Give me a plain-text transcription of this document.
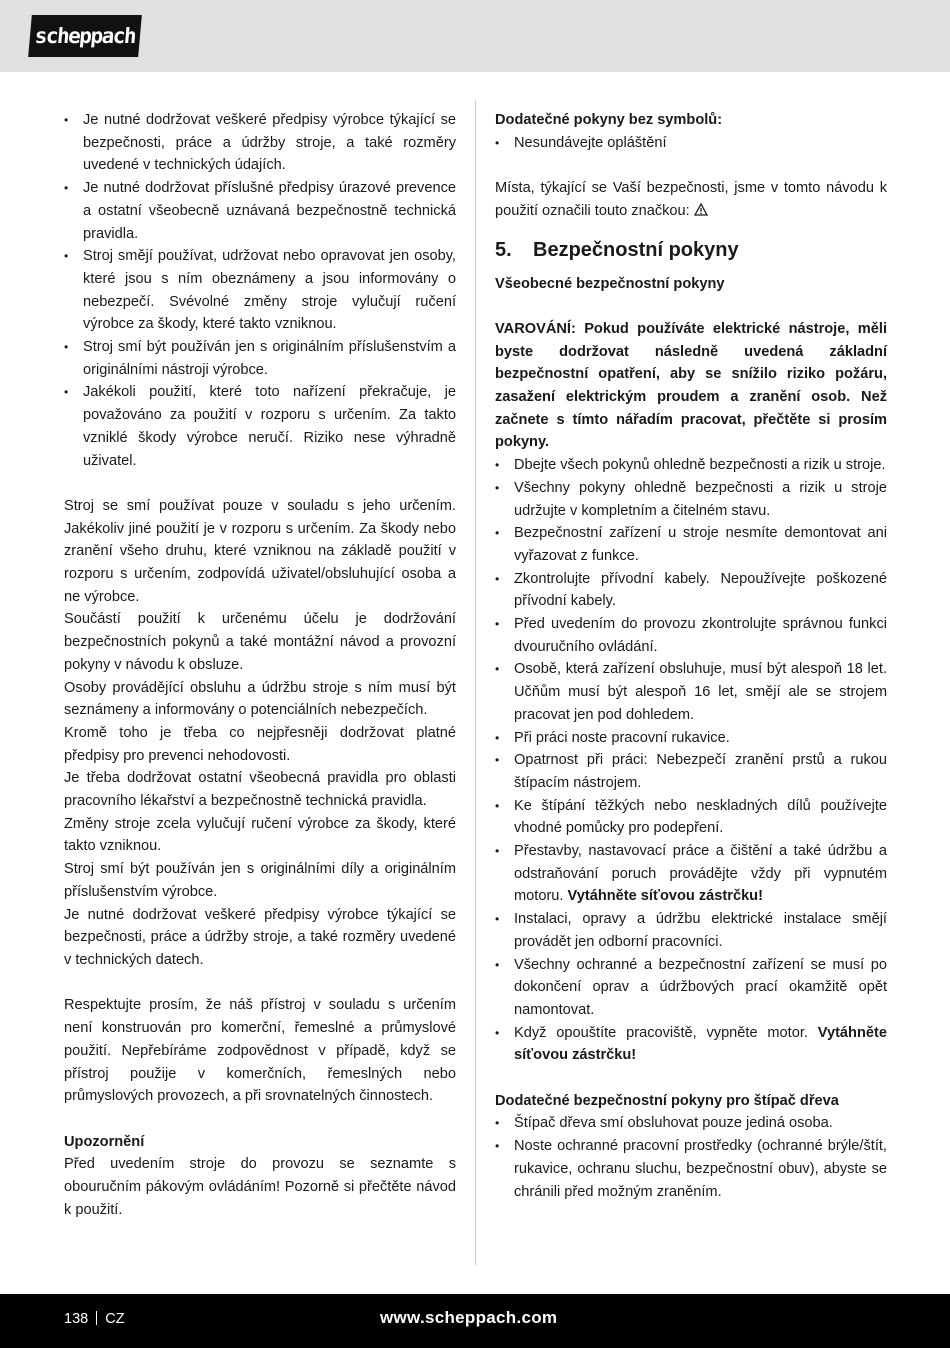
scheppach
• Je nutné dodržovat veškeré předpisy výrobce týkající se bezpečnosti, práce a údržby stroje, a také rozměry uvedené v technických údajích.
• Je nutné dodržovat příslušné předpisy úrazové prevence a ostatní všeobecně uznávaná bezpečnostně technická pravidla.
• Stroj smějí používat, udržovat nebo opravovat jen osoby, které jsou s ním obeznámeny a jsou informovány o nebezpečí. Svévolné změny stroje vylučují ručení výrobce za škody, které takto vzniknou.
• Stroj smí být používán jen s originálním příslušenstvím a originálními nástroji výrobce.
• Jakékoli použití, které toto nařízení překračuje, je považováno za použití v rozporu s určením. Za takto vzniklé škody výrobce neručí. Riziko nese výhradně uživatel.

Stroj se smí používat pouze v souladu s jeho určením. Jakékoliv jiné použití je v rozporu s určením. Za škody nebo zranění všeho druhu, které vzniknou na základě použití v rozporu s určením, zodpovídá uživatel/obsluhující osoba a ne výrobce.

Součástí použití k určenému účelu je dodržování bezpečnostních pokynů a také montážní návod a provozní pokyny v návodu k obsluze.

Osoby provádějící obsluhu a údržbu stroje s ním musí být seznámeny a informovány o potenciálních nebezpečích.

Kromě toho je třeba co nejpřesněji dodržovat platné předpisy pro prevenci nehodovosti.

Je třeba dodržovat ostatní všeobecná pravidla pro oblasti pracovního lékařství a bezpečnostně technická pravidla.

Změny stroje zcela vylučují ručení výrobce za škody, které takto vzniknou.

Stroj smí být používán jen s originálními díly a originálním příslušenstvím výrobce.

Je nutné dodržovat veškeré předpisy výrobce týkající se bezpečnosti, práce a údržby stroje, a také rozměry uvedené v technických datech.

Respektujte prosím, že náš přístroj v souladu s určením není konstruován pro komerční, řemeslné a průmyslové použití. Nepřebíráme zodpovědnost v případě, když se přístroj použije v komerčních, řemeslných nebo průmyslových provozech, a při srovnatelných činnostech.

Upozornění

Před uvedením stroje do provozu se seznamte s obouručním pákovým ovládáním! Pozorně si přečtěte návod k použití.

Dodatečné pokyny bez symbolů:

• Nesundávejte opláštění

Místa, týkající se Vaší bezpečnosti, jsme v tomto návodu k použití označili touto značkou:

5. Bezpečnostní pokyny

Všeobecné bezpečnostní pokyny

VAROVÁNÍ: Pokud používáte elektrické nástroje, měli byste dodržovat následně uvedená základní bezpečnostní opatření, aby se snížilo riziko požáru, zasažení elektrickým proudem a zranění osob. Než začnete s tímto nářadím pracovat, přečtěte si prosím pokyny.

• Dbejte všech pokynů ohledně bezpečnosti a rizik u stroje.
• Všechny pokyny ohledně bezpečnosti a rizik u stroje udržujte v kompletním a čitelném stavu.
• Bezpečnostní zařízení u stroje nesmíte demontovat ani vyřazovat z funkce.
• Zkontrolujte přívodní kabely. Nepoužívejte poškozené přívodní kabely.
• Před uvedením do provozu zkontrolujte správnou funkci dvouručního ovládání.
• Osobě, která zařízení obsluhuje, musí být alespoň 18 let. Učňům musí být alespoň 16 let, smějí ale se strojem pracovat jen pod dohledem.
• Při práci noste pracovní rukavice.
• Opatrnost při práci: Nebezpečí zranění prstů a rukou štípacím nástrojem.
• Ke štípání těžkých nebo neskladných dílů používejte vhodné pomůcky pro podepření.
• Přestavby, nastavovací práce a čištění a také údržbu a odstraňování poruch provádějte vždy při vypnutém motoru. Vytáhněte síťovou zástrčku!
• Instalaci, opravy a údržbu elektrické instalace smějí provádět jen odborní pracovníci.
• Všechny ochranné a bezpečnostní zařízení se musí po dokončení oprav a údržbových prací okamžitě opět namontovat.
• Když opouštíte pracoviště, vypněte motor. Vytáhněte síťovou zástrčku!

Dodatečné bezpečnostní pokyny pro štípač dřeva

• Štípač dřeva smí obsluhovat pouze jediná osoba.
• Noste ochranné pracovní prostředky (ochranné brýle/štít, rukavice, ochranu sluchu, bezpečnostní obuv), abyste se chránili před možným zraněním.
138 CZ	www.scheppach.com
